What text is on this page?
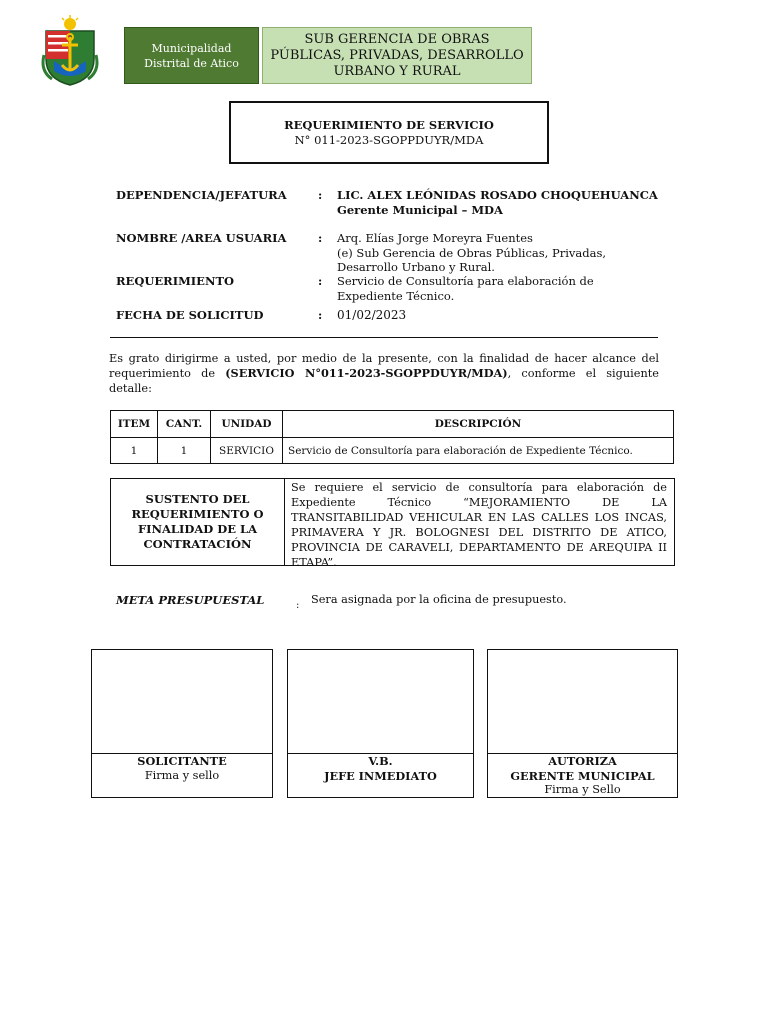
Municipalidad
Distrital de Atico
SUB GERENCIA DE OBRAS
PÚBLICAS, PRIVADAS, DESARROLLO
URBANO Y RURAL
REQUERIMIENTO DE SERVICIO
N° 011-2023-SGOPPDUYR/MDA
DEPENDENCIA/JEFATURA	: LIC. ALEX LEÓNIDAS ROSADO CHOQUEHUANCA
Gerente Municipal – MDA
NOMBRE /AREA USUARIA	: Arq. Elías Jorge Moreyra Fuentes
(e) Sub Gerencia de Obras Públicas, Privadas,
Desarrollo Urbano y Rural.
REQUERIMIENTO	: Servicio de Consultoría para elaboración de
Expediente Técnico.
FECHA DE SOLICITUD	: 01/02/2023
Es grato dirigirme a usted, por medio de la presente, con la finalidad de hacer alcance del requerimiento de (SERVICIO N°011-2023-SGOPPDUYR/MDA), conforme el siguiente detalle:
ITEM	CANT.	UNIDAD	DESCRIPCIÓN
1	1	SERVICIO	Servicio de Consultoría para elaboración de Expediente Técnico.
SUSTENTO DEL
REQUERIMIENTO O
FINALIDAD DE LA
CONTRATACIÓN
Se requiere el servicio de consultoría para elaboración de Expediente Técnico “MEJORAMIENTO DE LA TRANSITABILIDAD VEHICULAR EN LAS CALLES LOS INCAS, PRIMAVERA Y JR. BOLOGNESI DEL DISTRITO DE ATICO, PROVINCIA DE CARAVELI, DEPARTAMENTO DE AREQUIPA II ETAPA”.
META PRESUPUESTAL	: Sera asignada por la oficina de presupuesto.
SOLICITANTE
Firma y sello
V.B.
JEFE INMEDIATO
AUTORIZA
GERENTE MUNICIPAL
Firma y Sello
